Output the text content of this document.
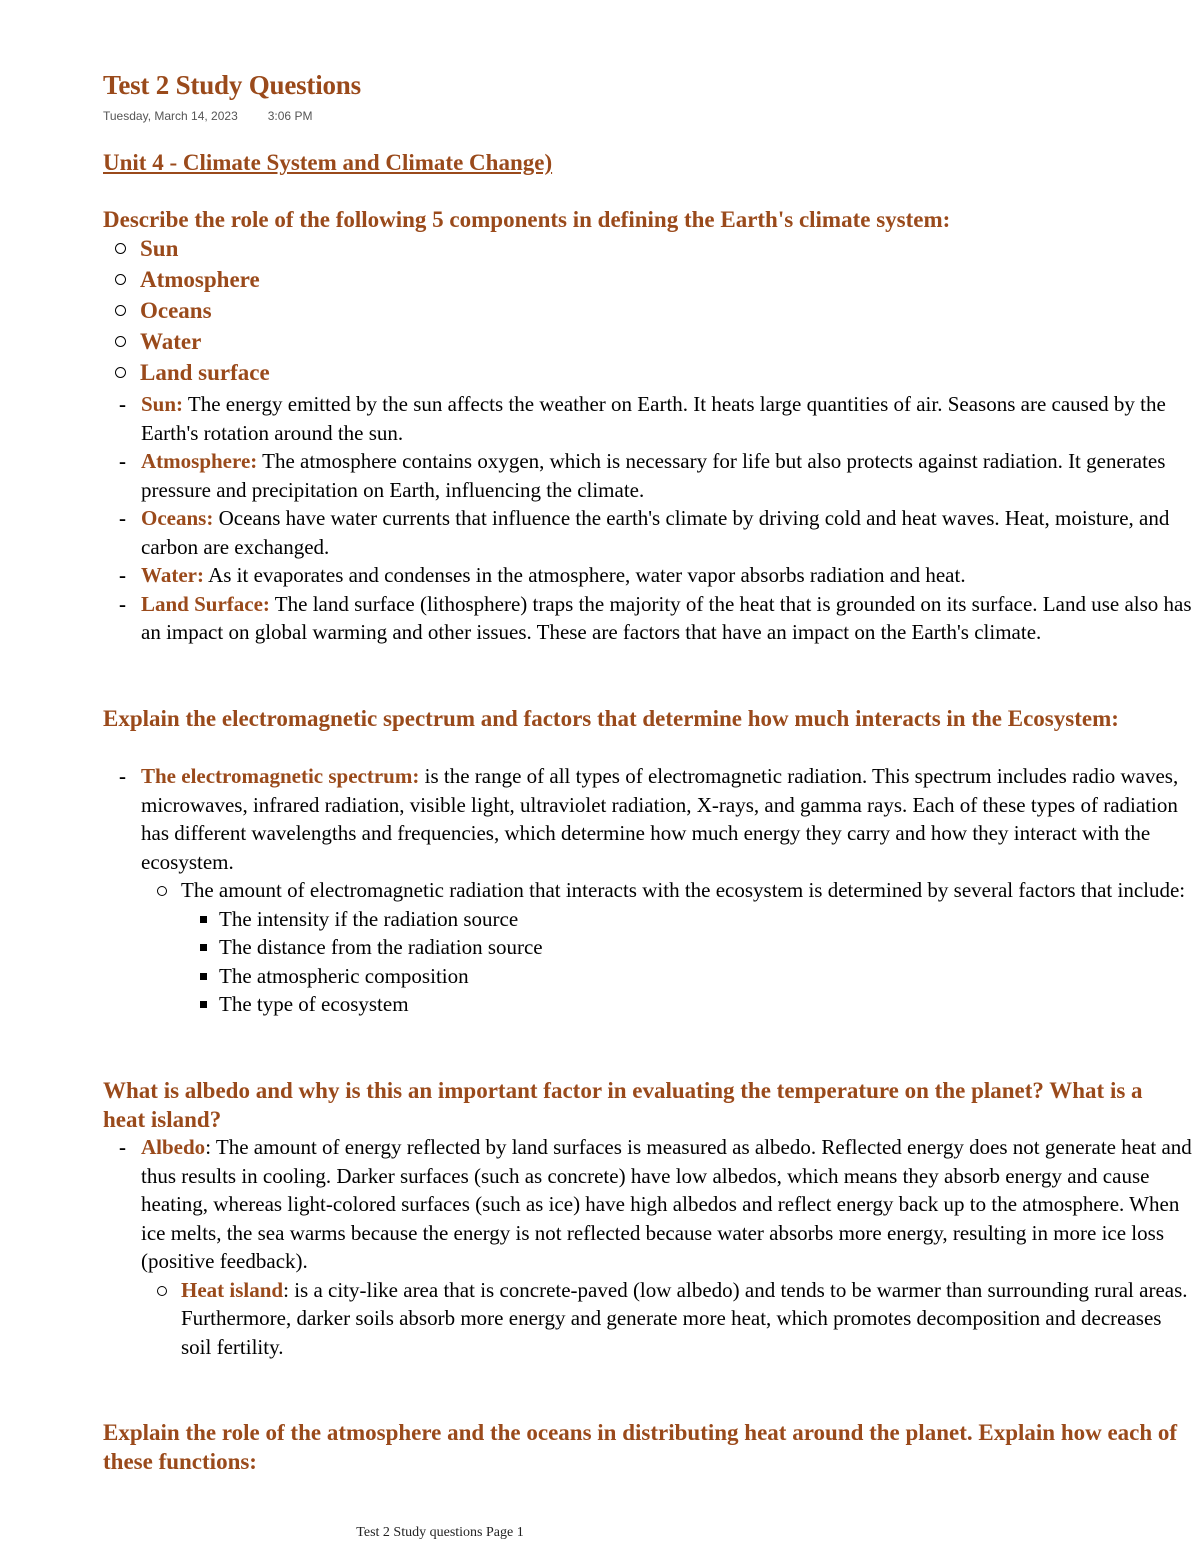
Test 2 Study Questions
Tuesday, March 14, 2023	3:06 PM
Unit 4 - Climate System and Climate Change)
Describe the role of the following 5 components in defining the Earth's climate system:
Sun
Atmosphere
Oceans
Water
Land surface
- Sun: The energy emitted by the sun affects the weather on Earth. It heats large quantities of air. Seasons are caused by the Earth's rotation around the sun.
- Atmosphere: The atmosphere contains oxygen, which is necessary for life but also protects against radiation. It generates pressure and precipitation on Earth, influencing the climate.
- Oceans: Oceans have water currents that influence the earth's climate by driving cold and heat waves. Heat, moisture, and carbon are exchanged.
- Water: As it evaporates and condenses in the atmosphere, water vapor absorbs radiation and heat.
- Land Surface: The land surface (lithosphere) traps the majority of the heat that is grounded on its surface. Land use also has an impact on global warming and other issues. These are factors that have an impact on the Earth's climate.
Explain the electromagnetic spectrum and factors that determine how much interacts in the Ecosystem:
- The electromagnetic spectrum: is the range of all types of electromagnetic radiation. This spectrum includes radio waves, microwaves, infrared radiation, visible light, ultraviolet radiation, X-rays, and gamma rays. Each of these types of radiation has different wavelengths and frequencies, which determine how much energy they carry and how they interact with the ecosystem.
The amount of electromagnetic radiation that interacts with the ecosystem is determined by several factors that include:
The intensity if the radiation source
The distance from the radiation source
The atmospheric composition
The type of ecosystem
What is albedo and why is this an important factor in evaluating the temperature on the planet? What is a heat island?
- Albedo: The amount of energy reflected by land surfaces is measured as albedo. Reflected energy does not generate heat and thus results in cooling. Darker surfaces (such as concrete) have low albedos, which means they absorb energy and cause heating, whereas light-colored surfaces (such as ice) have high albedos and reflect energy back up to the atmosphere. When ice melts, the sea warms because the energy is not reflected because water absorbs more energy, resulting in more ice loss (positive feedback).
Heat island: is a city-like area that is concrete-paved (low albedo) and tends to be warmer than surrounding rural areas. Furthermore, darker soils absorb more energy and generate more heat, which promotes decomposition and decreases soil fertility.
Explain the role of the atmosphere and the oceans in distributing heat around the planet. Explain how each of these functions:
Test 2 Study questions Page 1
